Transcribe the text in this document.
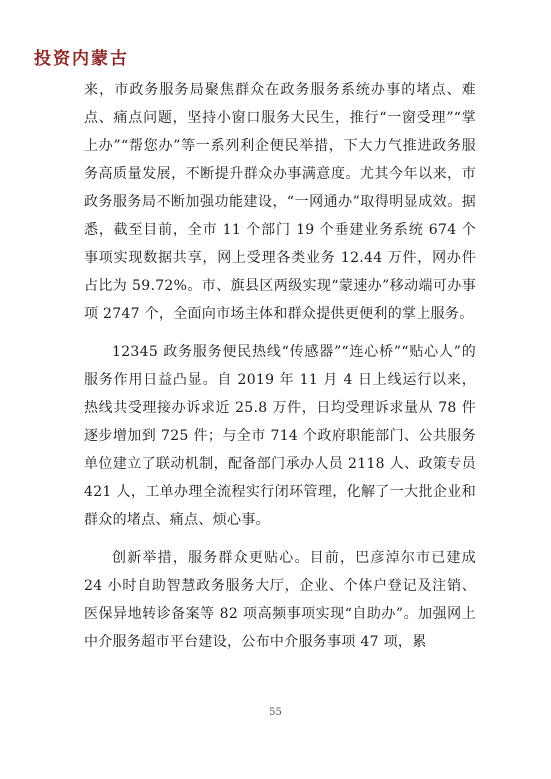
投资内蒙古

来，市政务服务局聚焦群众在政务服务系统办事的堵点、难点、痛点问题，坚持小窗口服务大民生，推行“一窗受理”“掌上办”“帮您办”等一系列利企便民举措，下大力气推进政务服务高质量发展，不断提升群众办事满意度。尤其今年以来，市政务服务局不断加强功能建设，“一网通办”取得明显成效。据悉，截至目前，全市 11 个部门 19 个垂建业务系统 674 个事项实现数据共享，网上受理各类业务 12.44 万件，网办件占比为 59.72%。市、旗县区两级实现“蒙速办”移动端可办事项 2747 个，全面向市场主体和群众提供更便利的掌上服务。

12345 政务服务便民热线“传感器”“连心桥”“贴心人”的服务作用日益凸显。自 2019 年 11 月 4 日上线运行以来，热线共受理接办诉求近 25.8 万件，日均受理诉求量从 78 件逐步增加到 725 件；与全市 714 个政府职能部门、公共服务单位建立了联动机制，配备部门承办人员 2118 人、政策专员 421 人，工单办理全流程实行闭环管理，化解了一大批企业和群众的堵点、痛点、烦心事。

创新举措，服务群众更贴心。目前，巴彦淖尔市已建成 24 小时自助智慧政务服务大厅，企业、个体户登记及注销、医保异地转诊备案等 82 项高频事项实现“自助办”。加强网上中介服务超市平台建设，公布中介服务事项 47 项，累

55
